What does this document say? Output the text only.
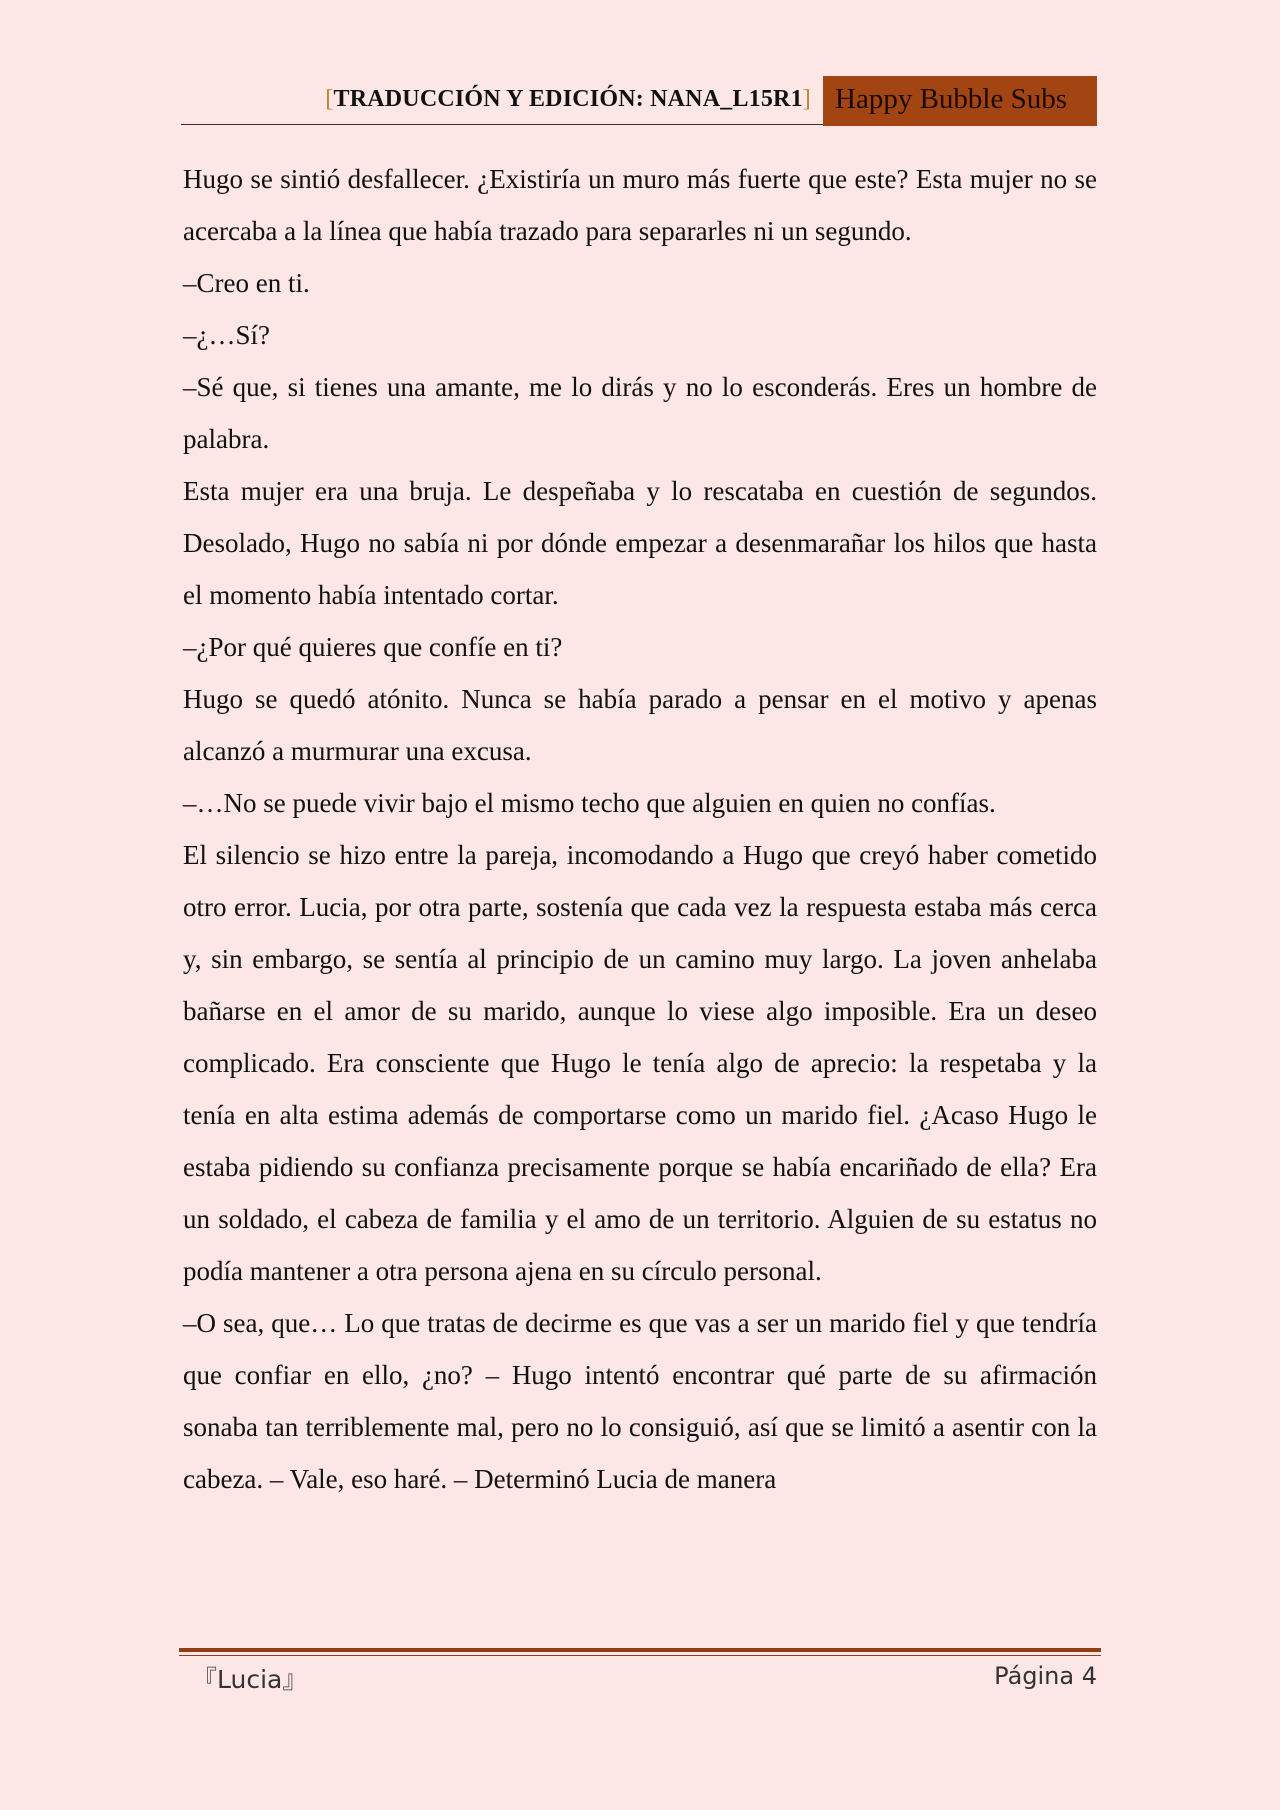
[TRADUCCIÓN Y EDICIÓN: NANA_L15R1] Happy Bubble Subs

Hugo se sintió desfallecer. ¿Existiría un muro más fuerte que este? Esta mujer no se acercaba a la línea que había trazado para separarles ni un segundo.

–Creo en ti.

–¿…Sí?

–Sé que, si tienes una amante, me lo dirás y no lo esconderás. Eres un hombre de palabra.

Esta mujer era una bruja. Le despeñaba y lo rescataba en cuestión de segundos. Desolado, Hugo no sabía ni por dónde empezar a desenmarañar los hilos que hasta el momento había intentado cortar.

–¿Por qué quieres que confíe en ti?

Hugo se quedó atónito. Nunca se había parado a pensar en el motivo y apenas alcanzó a murmurar una excusa.

–…No se puede vivir bajo el mismo techo que alguien en quien no confías.

El silencio se hizo entre la pareja, incomodando a Hugo que creyó haber cometido otro error. Lucia, por otra parte, sostenía que cada vez la respuesta estaba más cerca y, sin embargo, se sentía al principio de un camino muy largo. La joven anhelaba bañarse en el amor de su marido, aunque lo viese algo imposible. Era un deseo complicado. Era consciente que Hugo le tenía algo de aprecio: la respetaba y la tenía en alta estima además de comportarse como un marido fiel. ¿Acaso Hugo le estaba pidiendo su confianza precisamente porque se había encariñado de ella? Era un soldado, el cabeza de familia y el amo de un territorio. Alguien de su estatus no podía mantener a otra persona ajena en su círculo personal.

–O sea, que… Lo que tratas de decirme es que vas a ser un marido fiel y que tendría que confiar en ello, ¿no? – Hugo intentó encontrar qué parte de su afirmación sonaba tan terriblemente mal, pero no lo consiguió, así que se limitó a asentir con la cabeza. – Vale, eso haré. – Determinó Lucia de manera

『Lucia』	Página 4
